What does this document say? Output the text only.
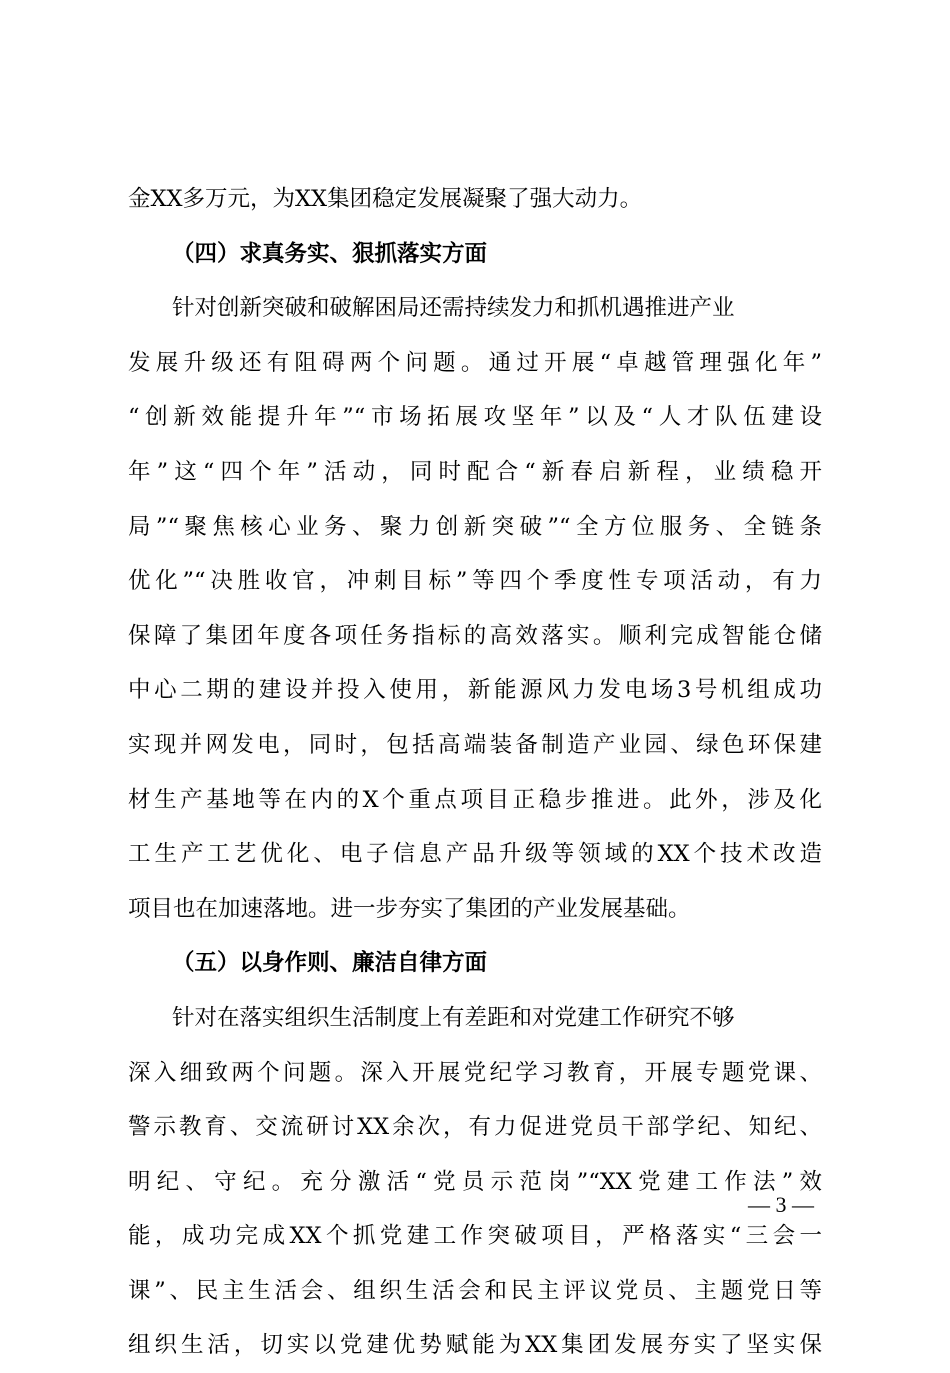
金XX多万元，为XX集团稳定发展凝聚了强大动力。
（四）求真务实、狠抓落实方面
针对创新突破和破解困局还需持续发力和抓机遇推进产业
发展升级还有阻碍两个问题。通过开展“卓越管理强化年”
“创新效能提升年”“市场拓展攻坚年”以及“人才队伍建设
年”这“四个年”活动，同时配合“新春启新程，业绩稳开
局”“聚焦核心业务、聚力创新突破”“全方位服务、全链条
优化”“决胜收官，冲刺目标”等四个季度性专项活动，有力
保障了集团年度各项任务指标的高效落实。顺利完成智能仓储
中心二期的建设并投入使用，新能源风力发电场3号机组成功
实现并网发电，同时，包括高端装备制造产业园、绿色环保建
材生产基地等在内的X个重点项目正稳步推进。此外，涉及化
工生产工艺优化、电子信息产品升级等领域的XX个技术改造
项目也在加速落地。进一步夯实了集团的产业发展基础。
（五）以身作则、廉洁自律方面
针对在落实组织生活制度上有差距和对党建工作研究不够
深入细致两个问题。深入开展党纪学习教育，开展专题党课、
警示教育、交流研讨XX余次，有力促进党员干部学纪、知纪、
明纪、守纪。充分激活“党员示范岗”“XX党建工作法”效
能，成功完成XX个抓党建工作突破项目，严格落实“三会一
课”、民主生活会、组织生活会和民主评议党员、主题党日等
组织生活，切实以党建优势赋能为XX集团发展夯实了坚实保
— 3 —
